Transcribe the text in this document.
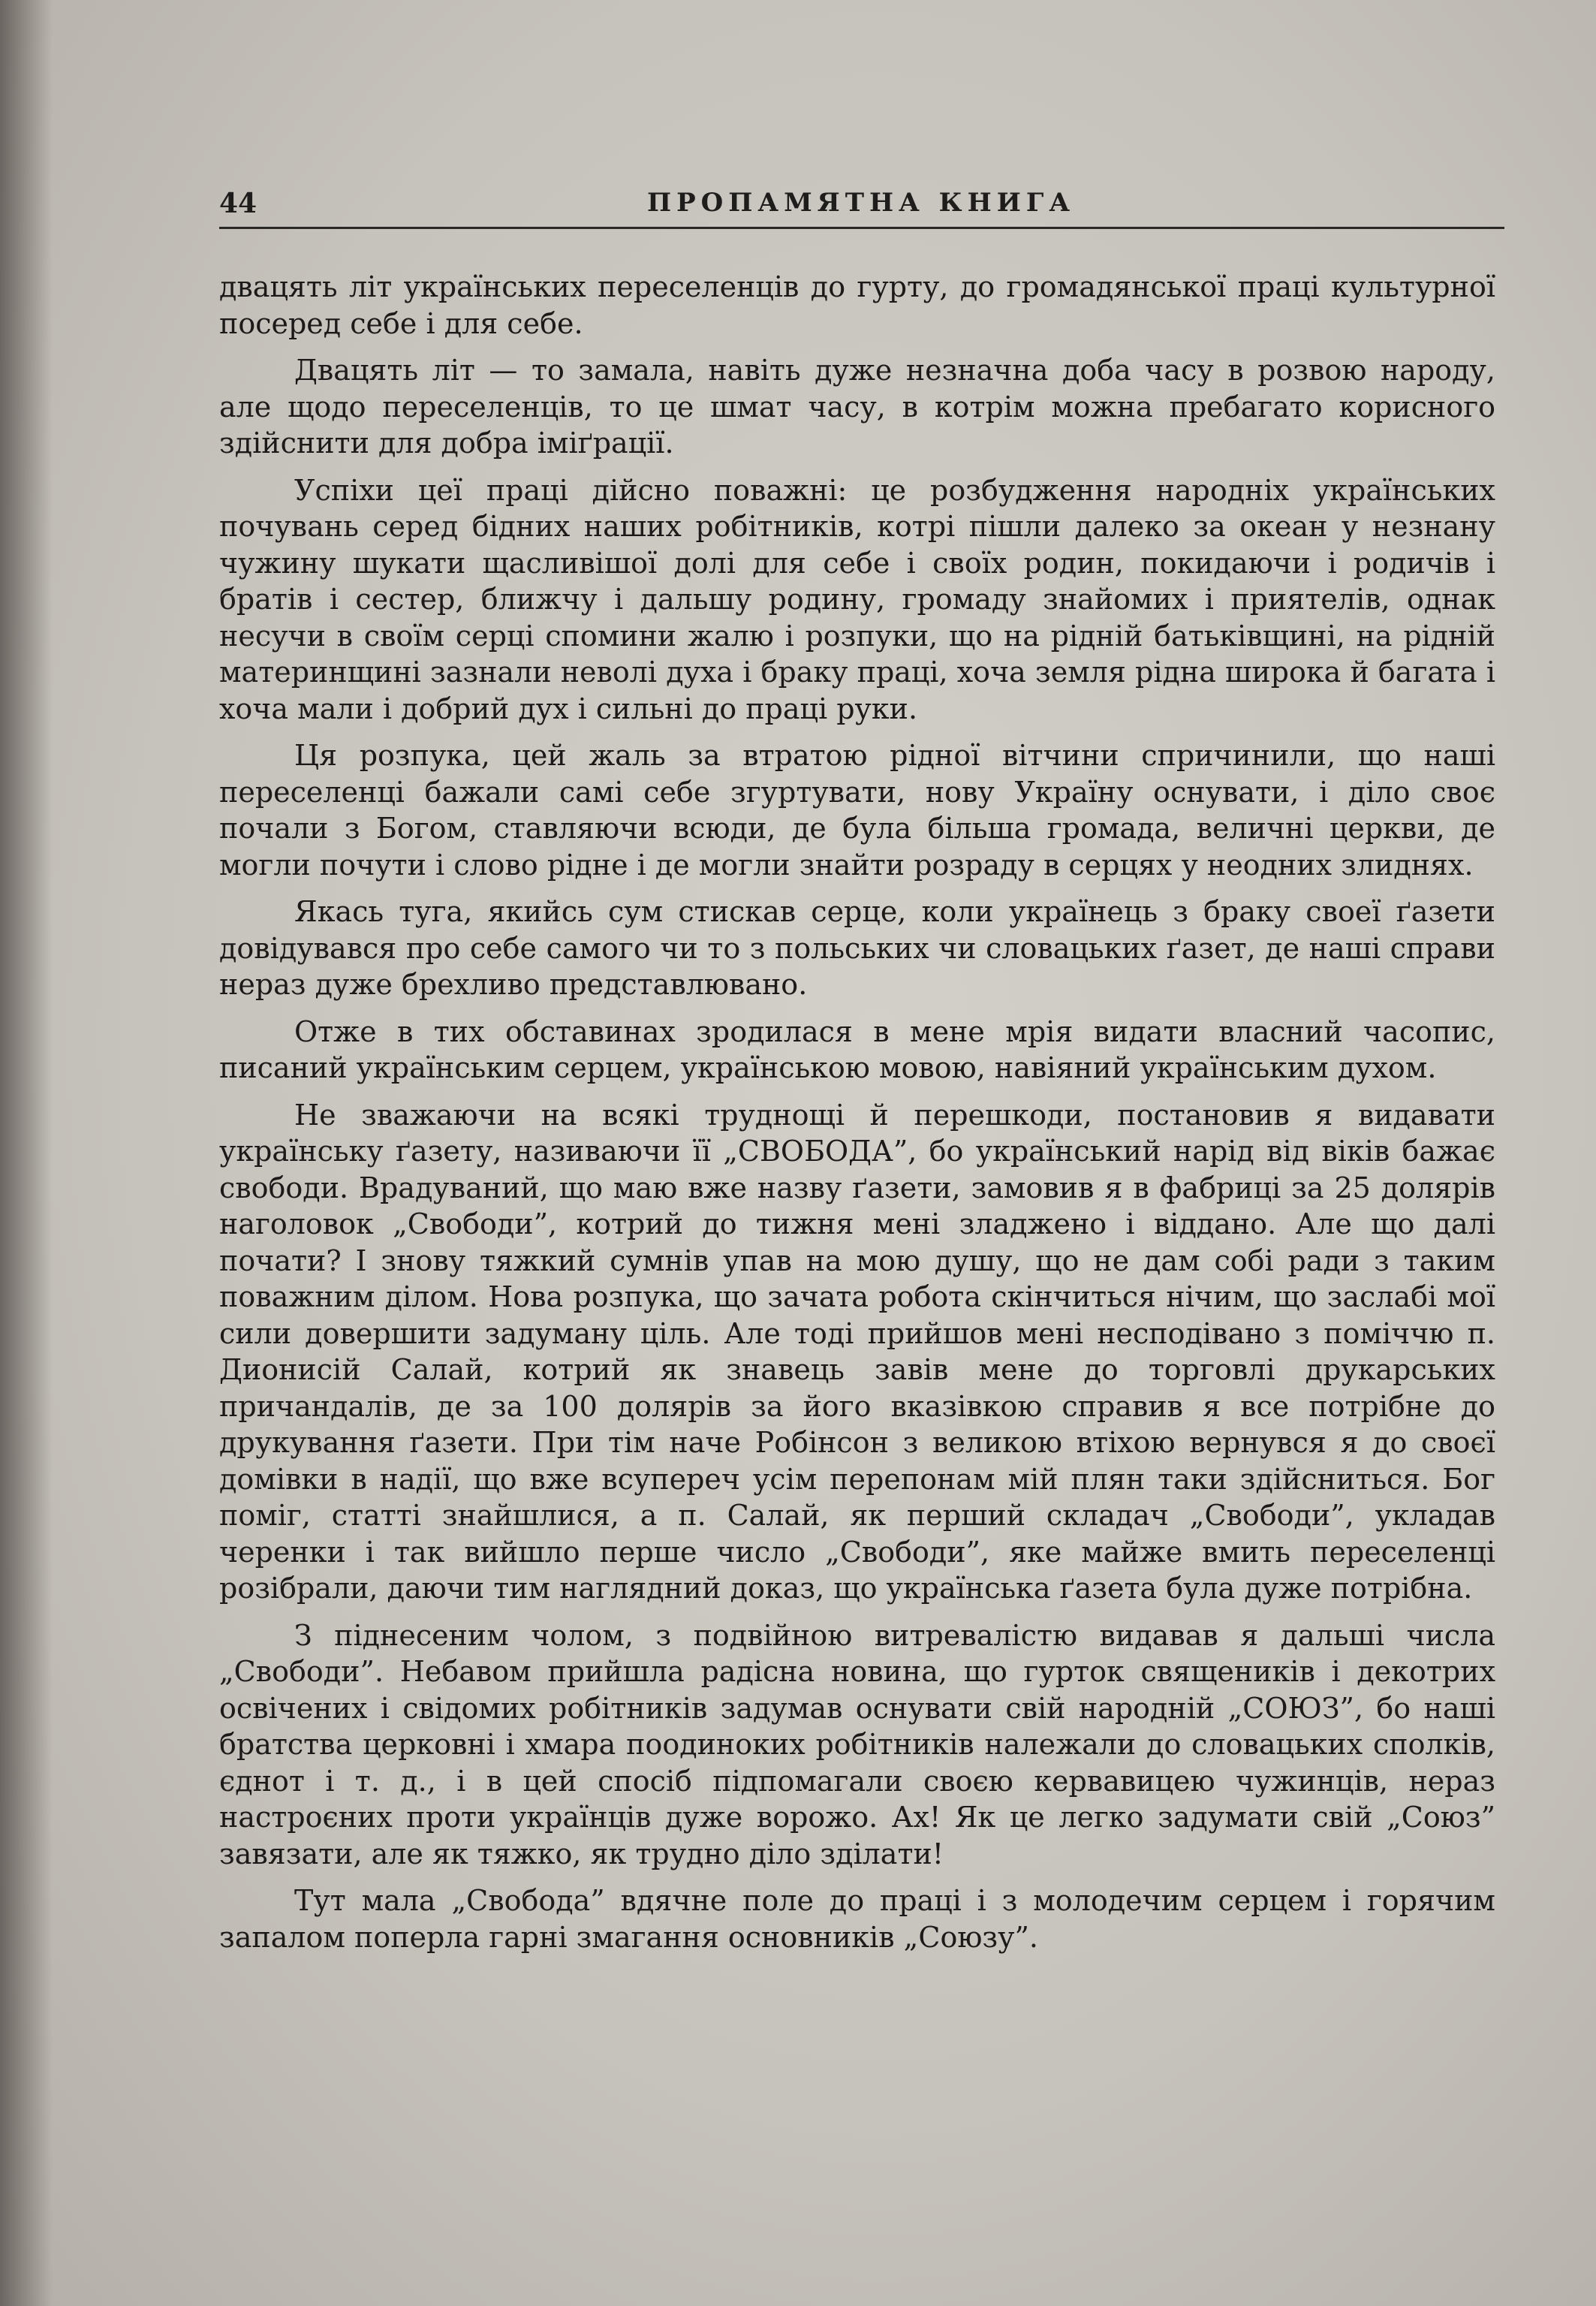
44	ПРОПАМЯТНА КНИГА

двацять літ українських переселенців до гурту, до громадянської праці культурної посеред себе і для себе.

Двацять літ — то замала, навіть дуже незначна доба часу в розвою народу, але щодо переселенців, то це шмат часу, в котрім можна пребагато корисного здійснити для добра іміґрації.

Успіхи цеї праці дійсно поважні: це розбудження народніх українських почувань серед бідних наших робітників, котрі пішли далеко за океан у незнану чужину шукати щасливішої долі для себе і своїх родин, покидаючи і родичів і братів і сестер, ближчу і дальшу родину, громаду знайомих і приятелів, однак несучи в своїм серці спомини жалю і розпуки, що на рідній батьківщині, на рідній материнщині зазнали неволі духа і браку праці, хоча земля рідна широка й багата і хоча мали і добрий дух і сильні до праці руки.

Ця розпука, цей жаль за втратою рідної вітчини спричинили, що наші переселенці бажали самі себе згуртувати, нову Україну оснувати, і діло своє почали з Богом, ставляючи всюди, де була більша громада, величні церкви, де могли почути і слово рідне і де могли знайти розраду в серцях у неодних злиднях.

Якась туга, якийсь сум стискав серце, коли українець з браку своеї ґазети довідувався про себе самого чи то з польських чи словацьких ґазет, де наші справи нераз дуже брехливо представлювано.

Отже в тих обставинах зродилася в мене мрія видати власний часопис, писаний українським серцем, українською мовою, навіяний українським духом.

Не зважаючи на всякі труднощі й перешкоди, постановив я видавати українську ґазету, називаючи її „СВОБОДА”, бо український нарід від віків бажає свободи. Врадуваний, що маю вже назву ґазети, замовив я в фабриці за 25 долярів наголовок „Свободи”, котрий до тижня мені зладжено і віддано. Але що далі почати? І знову тяжкий сумнів упав на мою душу, що не дам собі ради з таким поважним ділом. Нова розпука, що зачата робота скінчиться нічим, що заслабі мої сили довершити задуману ціль. Але тоді прийшов мені несподівано з поміччю п. Дионисій Салай, котрий як знавець завів мене до торговлі друкарських причандалів, де за 100 долярів за його вказівкою справив я все потрібне до друкування ґазети. При тім наче Робінсон з великою втіхою вернувся я до своєї домівки в надії, що вже всупереч усім перепонам мій плян таки здійсниться. Бог поміг, статті знайшлися, а п. Салай, як перший складач „Свободи”, укладав черенки і так вийшло перше число „Свободи”, яке майже вмить переселенці розібрали, даючи тим наглядний доказ, що українська ґазета була дуже потрібна.

З піднесеним чолом, з подвійною витревалістю видавав я дальші числа „Свободи”. Небавом прийшла радісна новина, що гурток священиків і декотрих освічених і свідомих робітників задумав оснувати свій народній „СОЮЗ”, бо наші братства церковні і хмара поодиноких робітників належали до словацьких сполків, єднот і т. д., і в цей спосіб підпомагали своєю кервавицею чужинців, нераз настроєних проти українців дуже ворожо. Ах! Як це легко задумати свій „Союз” завязати, але як тяжко, як трудно діло зділати!

Тут мала „Свобода” вдячне поле до праці і з молодечим серцем і горячим запалом поперла гарні змагання основників „Союзу”.
